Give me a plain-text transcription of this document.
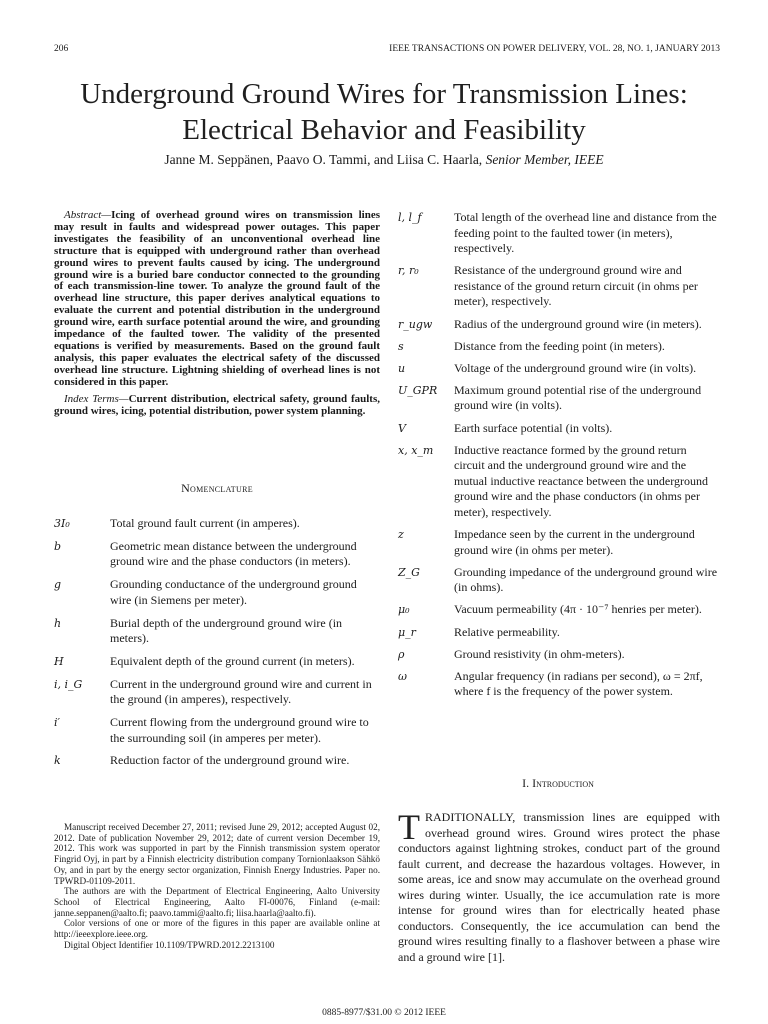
206	IEEE TRANSACTIONS ON POWER DELIVERY, VOL. 28, NO. 1, JANUARY 2013
Underground Ground Wires for Transmission Lines:
Electrical Behavior and Feasibility
Janne M. Seppänen, Paavo O. Tammi, and Liisa C. Haarla, Senior Member, IEEE
Abstract—Icing of overhead ground wires on transmission lines may result in faults and widespread power outages. This paper investigates the feasibility of an unconventional overhead line structure that is equipped with underground rather than overhead ground wires to prevent faults caused by icing. The underground ground wire is a buried bare conductor connected to the grounding of each transmission-line tower. To analyze the ground fault of the overhead line structure, this paper derives analytical equations to evaluate the current and potential distribution in the underground ground wire, earth surface potential around the wire, and grounding impedance of the faulted tower. The validity of the presented equations is verified by measurements. Based on the ground fault analysis, this paper evaluates the electrical safety of the discussed overhead line structure. Lightning shielding of overhead lines is not considered in this paper.
Index Terms—Current distribution, electrical safety, ground faults, ground wires, icing, potential distribution, power system planning.
Nomenclature
3I₀	Total ground fault current (in amperes).
b	Geometric mean distance between the underground ground wire and the phase conductors (in meters).
g	Grounding conductance of the underground ground wire (in Siemens per meter).
h	Burial depth of the underground ground wire (in meters).
H	Equivalent depth of the ground current (in meters).
i, i_G	Current in the underground ground wire and current in the ground (in amperes), respectively.
i′	Current flowing from the underground ground wire to the surrounding soil (in amperes per meter).
k	Reduction factor of the underground ground wire.
l, l_f	Total length of the overhead line and distance from the feeding point to the faulted tower (in meters), respectively.
r, r₀	Resistance of the underground ground wire and resistance of the ground return circuit (in ohms per meter), respectively.
r_ugw	Radius of the underground ground wire (in meters).
s	Distance from the feeding point (in meters).
u	Voltage of the underground ground wire (in volts).
U_GPR	Maximum ground potential rise of the underground ground wire (in volts).
V	Earth surface potential (in volts).
x, x_m	Inductive reactance formed by the ground return circuit and the underground ground wire and the mutual inductive reactance between the underground ground wire and the phase conductors (in ohms per meter), respectively.
z	Impedance seen by the current in the underground ground wire (in ohms per meter).
Z_G	Grounding impedance of the underground ground wire (in ohms).
μ₀	Vacuum permeability (4π · 10⁻⁷ henries per meter).
μ_r	Relative permeability.
ρ	Ground resistivity (in ohm-meters).
ω	Angular frequency (in radians per second), ω = 2πf, where f is the frequency of the power system.
I. Introduction
TRADITIONALLY, transmission lines are equipped with overhead ground wires. Ground wires protect the phase conductors against lightning strokes, conduct part of the ground fault current, and decrease the hazardous voltages. However, in some areas, ice and snow may accumulate on the overhead ground wires during winter. Usually, the ice accumulation rate is more intense for ground wires than for electrically heated phase conductors. Consequently, the ice accumulation can bend the ground wires resulting finally to a flashover between a phase wire and a ground wire [1].

Manuscript received December 27, 2011; revised June 29, 2012; accepted August 02, 2012. Date of publication November 29, 2012; date of current version December 19, 2012. This work was supported in part by the Finnish transmission system operator Fingrid Oyj, in part by a Finnish electricity distribution company Tornionlaakson Sähkö Oy, and in part by the energy sector organization, Finnish Energy Industries. Paper no. TPWRD-01109-2011.

The authors are with the Department of Electrical Engineering, Aalto University School of Electrical Engineering, Aalto FI-00076, Finland (e-mail: janne.seppanen@aalto.fi; paavo.tammi@aalto.fi; liisa.haarla@aalto.fi).

Color versions of one or more of the figures in this paper are available online at http://ieeexplore.ieee.org.

Digital Object Identifier 10.1109/TPWRD.2012.2213100

0885-8977/$31.00 © 2012 IEEE
